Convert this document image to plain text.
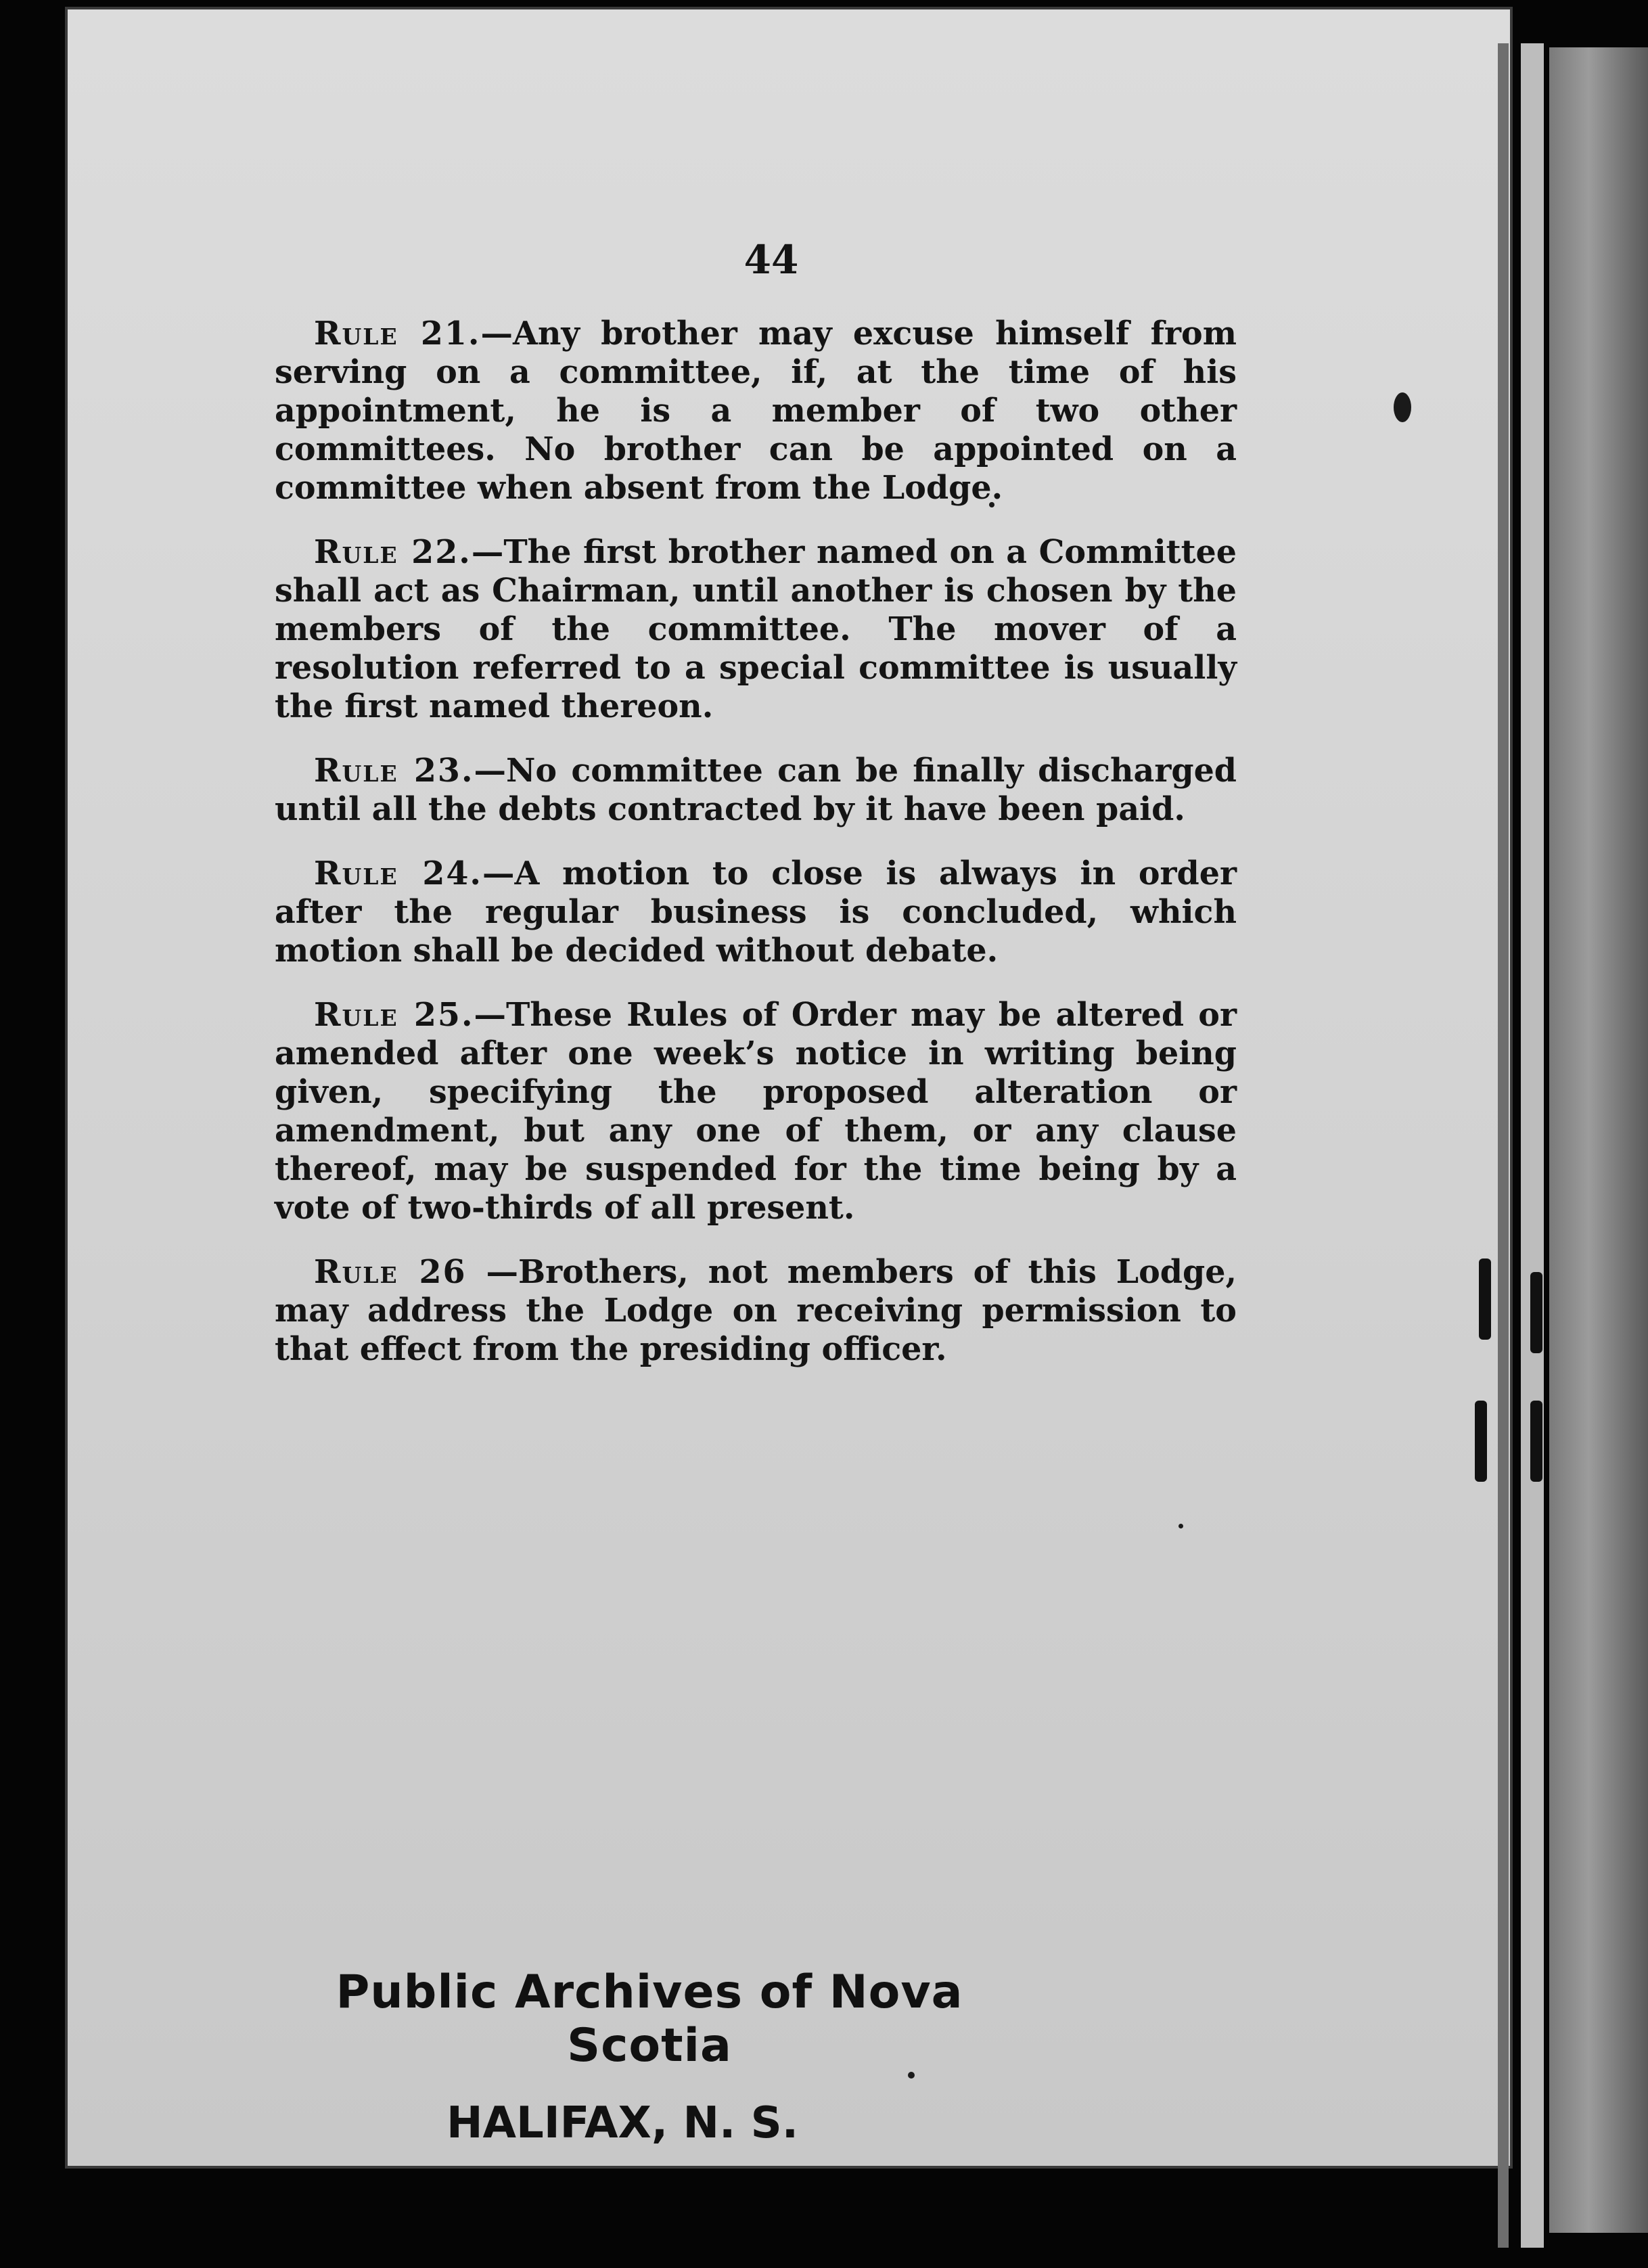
44

Rule 21.—Any brother may excuse himself from serving on a committee, if, at the time of his appointment, he is a member of two other committees. No brother can be appointed on a committee when absent from the Lodge.

Rule 22.—The first brother named on a Committee shall act as Chairman, until another is chosen by the members of the committee. The mover of a resolution referred to a special committee is usually the first named thereon.

Rule 23.—No committee can be finally discharged until all the debts contracted by it have been paid.

Rule 24.—A motion to close is always in order after the regular business is concluded, which motion shall be decided without debate.

Rule 25.—These Rules of Order may be altered or amended after one week’s notice in writing being given, specifying the proposed alteration or amendment, but any one of them, or any clause thereof, may be suspended for the time being by a vote of two-thirds of all present.

Rule 26 —Brothers, not members of this Lodge, may address the Lodge on receiving permission to that effect from the presiding officer.

Public Archives of Nova Scotia
HALIFAX, N. S.
